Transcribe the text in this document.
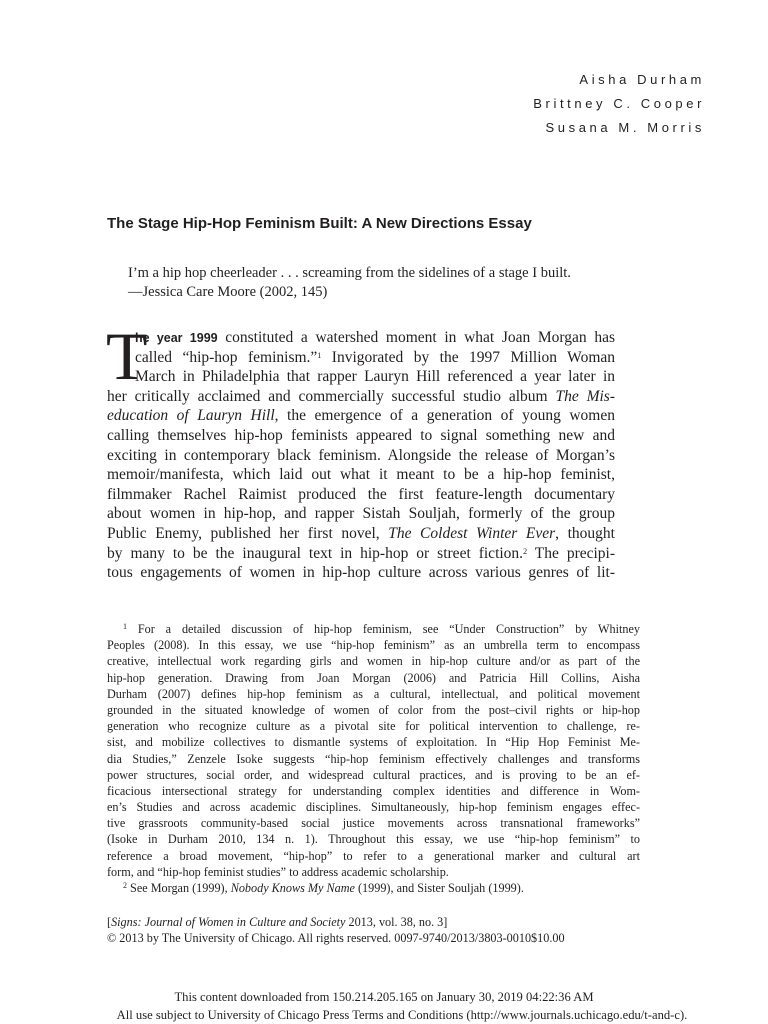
Aisha Durham
Brittney C. Cooper
Susana M. Morris
The Stage Hip-Hop Feminism Built: A New Directions Essay
I’m a hip hop cheerleader . . . screaming from the sidelines of a stage I built.
—Jessica Care Moore (2002, 145)
T
he year 1999 constituted a watershed moment in what Joan Morgan has
called “hip-hop feminism.”$^1$ Invigorated by the 1997 Million Woman
March in Philadelphia that rapper Lauryn Hill referenced a year later in
her critically acclaimed and commercially successful studio album The Mis-
education of Lauryn Hill, the emergence of a generation of young women
calling themselves hip-hop feminists appeared to signal something new and
exciting in contemporary black feminism. Alongside the release of Morgan’s
memoir/manifesta, which laid out what it meant to be a hip-hop feminist,
filmmaker Rachel Raimist produced the first feature-length documentary
about women in hip-hop, and rapper Sistah Souljah, formerly of the group
Public Enemy, published her first novel, The Coldest Winter Ever, thought
by many to be the inaugural text in hip-hop or street fiction.$^2$ The precipi-
tous engagements of women in hip-hop culture across various genres of lit-
$^1$ For a detailed discussion of hip-hop feminism, see “Under Construction” by Whitney
Peoples (2008). In this essay, we use “hip-hop feminism” as an umbrella term to encompass
creative, intellectual work regarding girls and women in hip-hop culture and/or as part of the
hip-hop generation. Drawing from Joan Morgan (2006) and Patricia Hill Collins, Aisha
Durham (2007) defines hip-hop feminism as a cultural, intellectual, and political movement
grounded in the situated knowledge of women of color from the post–civil rights or hip-hop
generation who recognize culture as a pivotal site for political intervention to challenge, re-
sist, and mobilize collectives to dismantle systems of exploitation. In “Hip Hop Feminist Me-
dia Studies,” Zenzele Isoke suggests “hip-hop feminism effectively challenges and transforms
power structures, social order, and widespread cultural practices, and is proving to be an ef-
ficacious intersectional strategy for understanding complex identities and difference in Wom-
en’s Studies and across academic disciplines. Simultaneously, hip-hop feminism engages effec-
tive grassroots community-based social justice movements across transnational frameworks”
(Isoke in Durham 2010, 134 n. 1). Throughout this essay, we use “hip-hop feminism” to
reference a broad movement, “hip-hop” to refer to a generational marker and cultural art
form, and “hip-hop feminist studies” to address academic scholarship.
$^2$ See Morgan (1999), Nobody Knows My Name (1999), and Sister Souljah (1999).
[Signs: Journal of Women in Culture and Society 2013, vol. 38, no. 3]
© 2013 by The University of Chicago. All rights reserved. 0097-9740/2013/3803-0010$10.00
This content downloaded from 150.214.205.165 on January 30, 2019 04:22:36 AM
All use subject to University of Chicago Press Terms and Conditions (http://www.journals.uchicago.edu/t-and-c).
